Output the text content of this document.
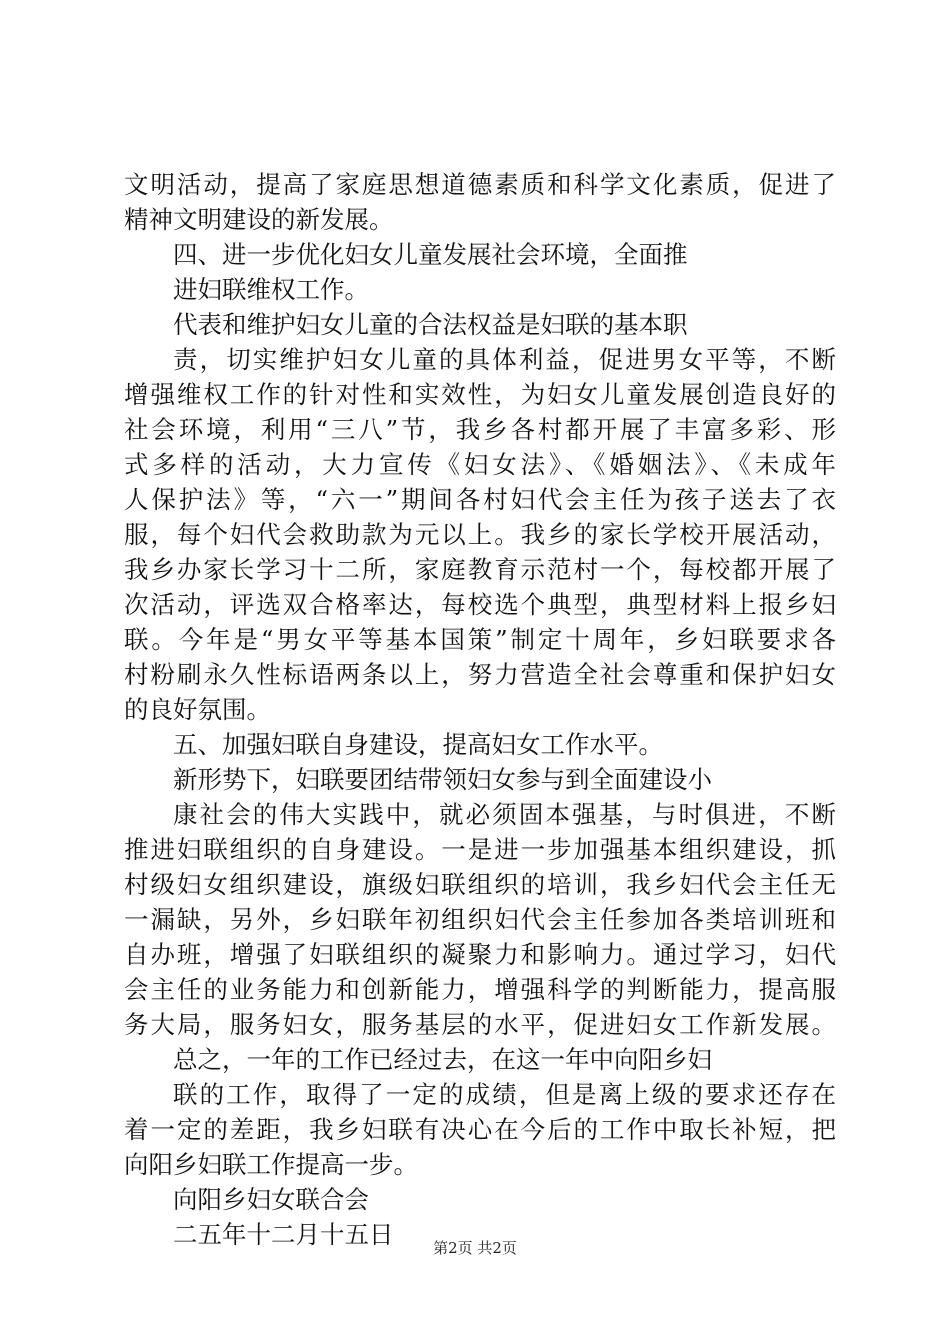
文明活动，提高了家庭思想道德素质和科学文化素质，促进了
精神文明建设的新发展。
四、进一步优化妇女儿童发展社会环境，全面推
进妇联维权工作。
代表和维护妇女儿童的合法权益是妇联的基本职
责，切实维护妇女儿童的具体利益，促进男女平等，不断
增强维权工作的针对性和实效性，为妇女儿童发展创造良好的
社会环境，利用“三八”节，我乡各村都开展了丰富多彩、形
式多样的活动，大力宣传《妇女法》、《婚姻法》、《未成年
人保护法》等，“六一”期间各村妇代会主任为孩子送去了衣
服，每个妇代会救助款为元以上。我乡的家长学校开展活动，
我乡办家长学习十二所，家庭教育示范村一个，每校都开展了
次活动，评选双合格率达，每校选个典型，典型材料上报乡妇
联。今年是“男女平等基本国策”制定十周年，乡妇联要求各
村粉刷永久性标语两条以上，努力营造全社会尊重和保护妇女
的良好氛围。
五、加强妇联自身建设，提高妇女工作水平。
新形势下，妇联要团结带领妇女参与到全面建设小
康社会的伟大实践中，就必须固本强基，与时俱进，不断
推进妇联组织的自身建设。一是进一步加强基本组织建设，抓
村级妇女组织建设，旗级妇联组织的培训，我乡妇代会主任无
一漏缺，另外，乡妇联年初组织妇代会主任参加各类培训班和
自办班，增强了妇联组织的凝聚力和影响力。通过学习，妇代
会主任的业务能力和创新能力，增强科学的判断能力，提高服
务大局，服务妇女，服务基层的水平，促进妇女工作新发展。
总之，一年的工作已经过去，在这一年中向阳乡妇
联的工作，取得了一定的成绩，但是离上级的要求还存在
着一定的差距，我乡妇联有决心在今后的工作中取长补短，把
向阳乡妇联工作提高一步。
向阳乡妇女联合会
二五年十二月十五日	第2页 共2页
